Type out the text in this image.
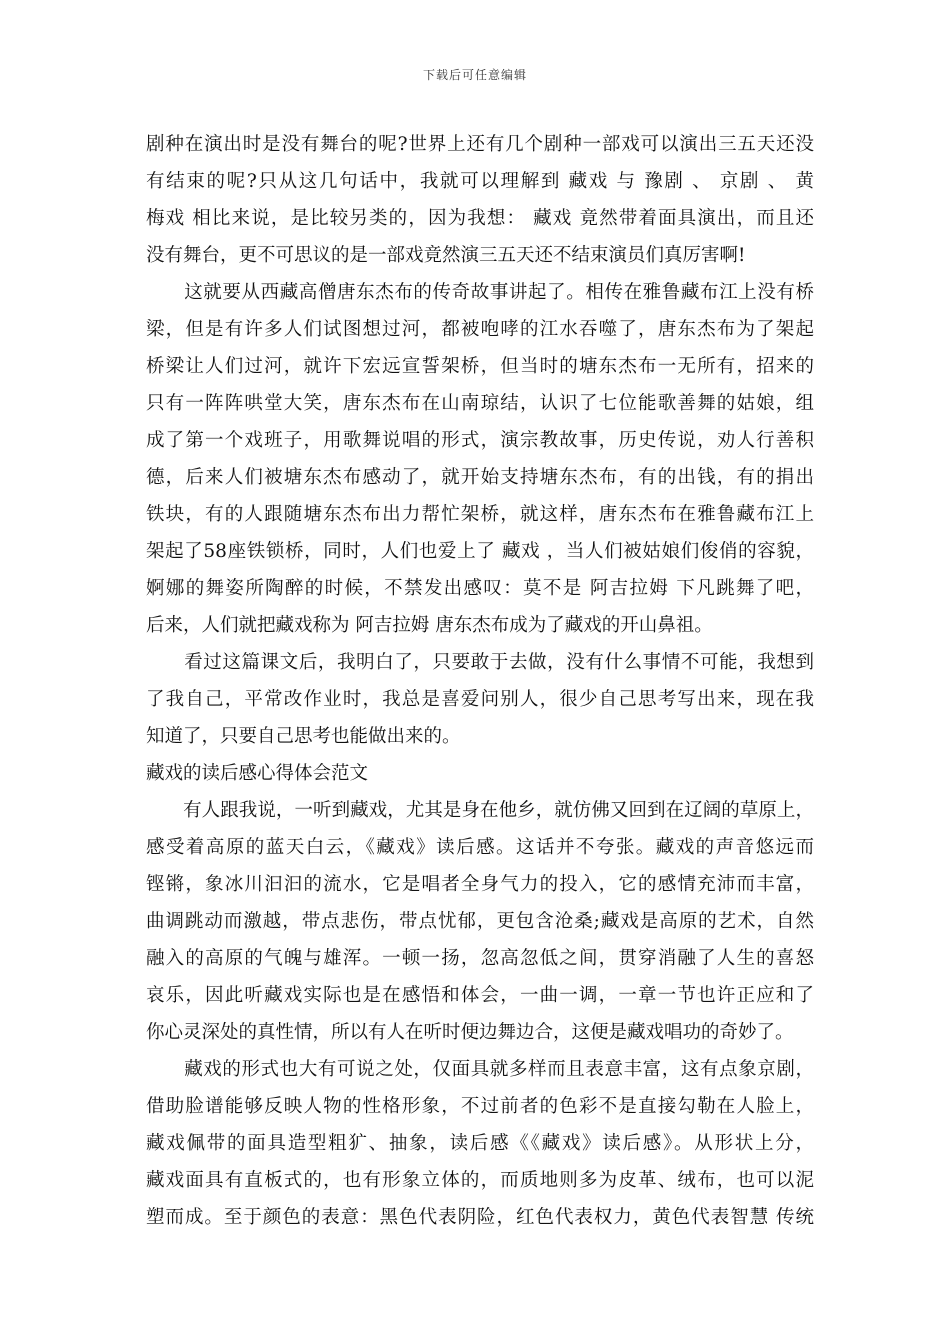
下载后可任意编辑
剧种在演出时是没有舞台的呢?世界上还有几个剧种一部戏可以演出三五天还没
有结束的呢?只从这几句话中，我就可以理解到 藏戏 与 豫剧 、 京剧 、 黄
梅戏 相比来说，是比较另类的，因为我想： 藏戏 竟然带着面具演出，而且还
没有舞台，更不可思议的是一部戏竟然演三五天还不结束演员们真厉害啊!
　　这就要从西藏高僧唐东杰布的传奇故事讲起了。相传在雅鲁藏布江上没有桥
梁，但是有许多人们试图想过河，都被咆哮的江水吞噬了，唐东杰布为了架起
桥梁让人们过河，就许下宏远宣誓架桥，但当时的塘东杰布一无所有，招来的
只有一阵阵哄堂大笑，唐东杰布在山南琼结，认识了七位能歌善舞的姑娘，组
成了第一个戏班子，用歌舞说唱的形式，演宗教故事，历史传说，劝人行善积
德，后来人们被塘东杰布感动了，就开始支持塘东杰布，有的出钱，有的捐出
铁块，有的人跟随塘东杰布出力帮忙架桥，就这样，唐东杰布在雅鲁藏布江上
架起了58座铁锁桥，同时，人们也爱上了 藏戏 ，当人们被姑娘们俊俏的容貌，
婀娜的舞姿所陶醉的时候，不禁发出感叹：莫不是 阿吉拉姆 下凡跳舞了吧，
后来，人们就把藏戏称为 阿吉拉姆 唐东杰布成为了藏戏的开山鼻祖。
　　看过这篇课文后，我明白了，只要敢于去做，没有什么事情不可能，我想到
了我自己，平常改作业时，我总是喜爱问别人，很少自己思考写出来，现在我
知道了，只要自己思考也能做出来的。
藏戏的读后感心得体会范文
　　有人跟我说，一听到藏戏，尤其是身在他乡，就仿佛又回到在辽阔的草原上，
感受着高原的蓝天白云，《藏戏》读后感。这话并不夸张。藏戏的声音悠远而
铿锵，象冰川汩汩的流水，它是唱者全身气力的投入，它的感情充沛而丰富，
曲调跳动而激越，带点悲伤，带点忧郁，更包含沧桑;藏戏是高原的艺术，自然
融入的高原的气魄与雄浑。一顿一扬，忽高忽低之间，贯穿消融了人生的喜怒
哀乐，因此听藏戏实际也是在感悟和体会，一曲一调，一章一节也许正应和了
你心灵深处的真性情，所以有人在听时便边舞边合，这便是藏戏唱功的奇妙了。
　　藏戏的形式也大有可说之处，仅面具就多样而且表意丰富，这有点象京剧，
借助脸谱能够反映人物的性格形象，不过前者的色彩不是直接勾勒在人脸上，
藏戏佩带的面具造型粗犷、抽象，读后感《《藏戏》读后感》。从形状上分，
藏戏面具有直板式的，也有形象立体的，而质地则多为皮革、绒布，也可以泥
塑而成。至于颜色的表意：黑色代表阴险，红色代表权力，黄色代表智慧 传统
